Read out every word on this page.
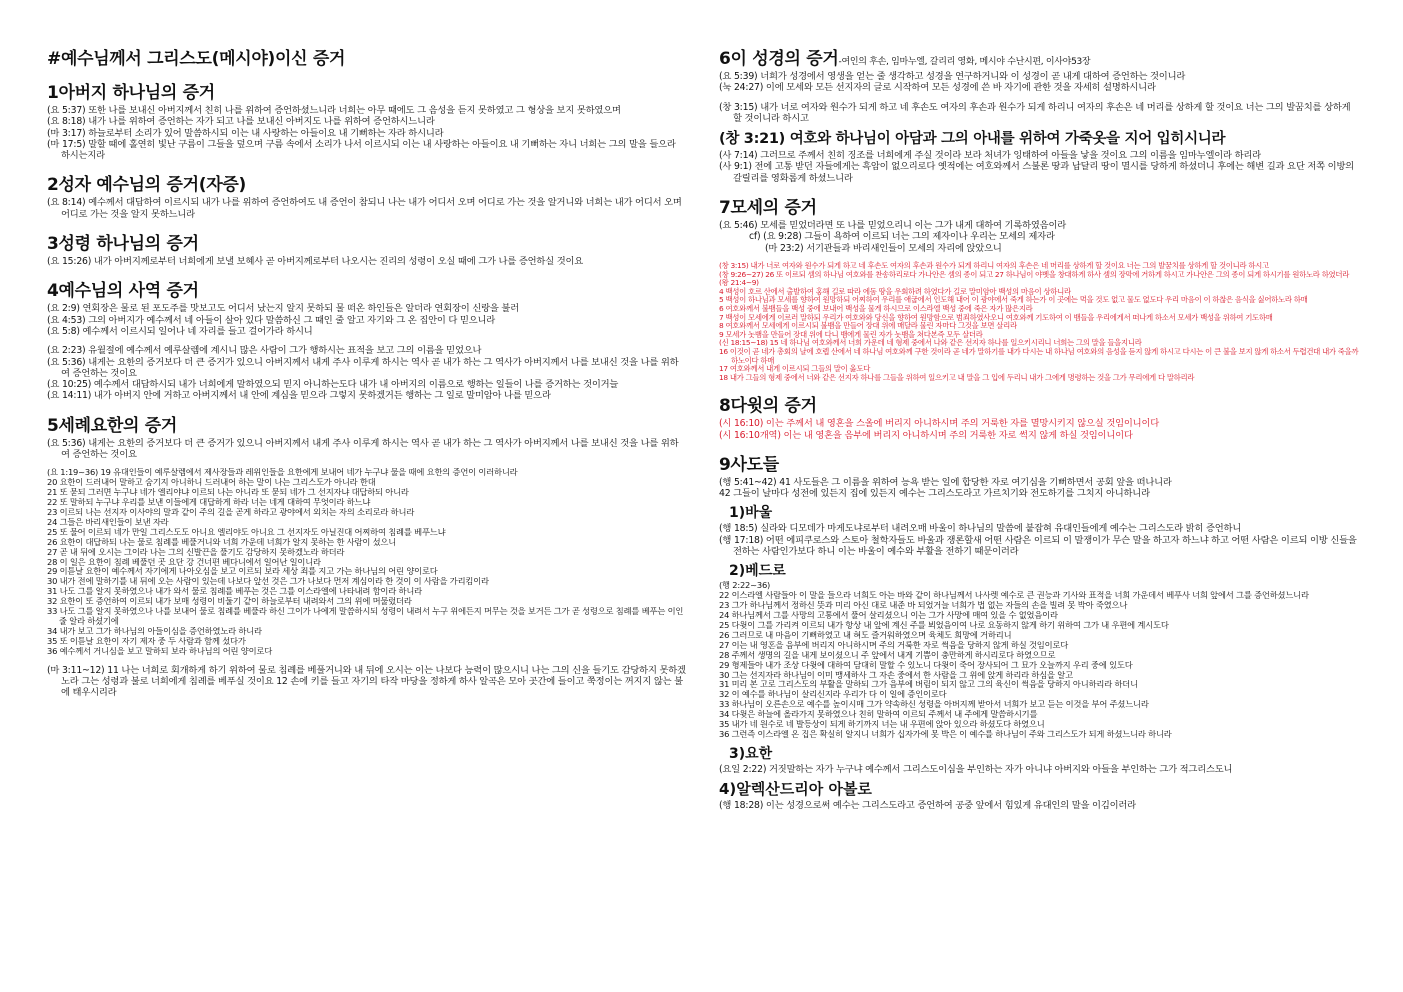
#예수님께서 그리스도(메시야)이신 증거
1아버지 하나님의 증거

(요 5:37) 또한 나를 보내신 아버지께서 친히 나를 위하여 증언하셨느니라 너희는 아무 때에도 그 음성을 듣지 못하였고 그 형상을 보지 못하였으며

(요 8:18) 내가 나를 위하여 증언하는 자가 되고 나를 보내신 아버지도 나를 위하여 증언하시느니라

(마 3:17) 하늘로부터 소리가 있어 말씀하시되 이는 내 사랑하는 아들이요 내 기뻐하는 자라 하시니라

(마 17:5) 말할 때에 홀연히 빛난 구름이 그들을 덮으며 구름 속에서 소리가 나서 이르시되 이는 내 사랑하는 아들이요 내 기뻐하는 자니 너희는 그의 말을 들으라 하시는지라

2성자 예수님의 증거(자증)

(요 8:14) 예수께서 대답하여 이르시되 내가 나를 위하여 증언하여도 내 증언이 참되니 나는 내가 어디서 오며 어디로 가는 것을 알거니와 너희는 내가 어디서 오며 어디로 가는 것을 알지 못하느니라

3성령 하나님의 증거

(요 15:26) 내가 아버지께로부터 너희에게 보낼 보혜사 곧 아버지께로부터 나오시는 진리의 성령이 오실 때에 그가 나를 증언하실 것이요

4예수님의 사역 증거

(요 2:9) 연회장은 물로 된 포도주를 맛보고도 어디서 났는지 알지 못하되 물 떠온 하인들은 알더라 연회장이 신랑을 불러

(요 4:53) 그의 아버지가 예수께서 네 아들이 살아 있다 말씀하신 그 때인 줄 알고 자기와 그 온 집안이 다 믿으니라

(요 5:8) 예수께서 이르시되 일어나 네 자리를 들고 걸어가라 하시니

(요 2:23) 유월절에 예수께서 예루살렘에 계시니 많은 사람이 그가 행하시는 표적을 보고 그의 이름을 믿었으나

(요 5:36) 내게는 요한의 증거보다 더 큰 증거가 있으니 아버지께서 내게 주사 이루게 하시는 역사 곧 내가 하는 그 역사가 아버지께서 나를 보내신 것을 나를 위하여 증언하는 것이요

(요 10:25) 예수께서 대답하시되 내가 너희에게 말하였으되 믿지 아니하는도다 내가 내 아버지의 이름으로 행하는 일들이 나를 증거하는 것이거늘

(요 14:11) 내가 아버지 안에 거하고 아버지께서 내 안에 계심을 믿으라 그렇지 못하겠거든 행하는 그 일로 말미암아 나를 믿으라

5세례요한의 증거

(요 5:36) 내게는 요한의 증거보다 더 큰 증거가 있으니 아버지께서 내게 주사 이루게 하시는 역사 곧 내가 하는 그 역사가 아버지께서 나를 보내신 것을 나를 위하여 증언하는 것이요

(요 1:19~36) 19 유대인들이 예루살렘에서 제사장들과 레위인들을 요한에게 보내어 네가 누구냐 물을 때에 요한의 증언이 이러하니라

20 요한이 드러내어 말하고 숨기지 아니하니 드러내어 하는 말이 나는 그리스도가 아니라 한대

21 또 묻되 그러면 누구냐 네가 엘리야냐 이르되 나는 아니라 또 묻되 네가 그 선지자냐 대답하되 아니라

22 또 말하되 누구냐 우리를 보낸 이들에게 대답하게 하라 너는 네게 대하여 무엇이라 하느냐

23 이르되 나는 선지자 이사야의 말과 같이 주의 길을 곧게 하라고 광야에서 외치는 자의 소리로라 하니라

24 그들은 바리새인들이 보낸 자라

25 또 물어 이르되 네가 만일 그리스도도 아니요 엘리야도 아니요 그 선지자도 아닐진대 어찌하여 침례를 베푸느냐

26 요한이 대답하되 나는 물로 침례를 베풀거니와 너희 가운데 너희가 알지 못하는 한 사람이 섰으니

27 곧 내 뒤에 오시는 그이라 나는 그의 신발끈을 풀기도 감당하지 못하겠노라 하더라

28 이 일은 요한이 침례 베풀던 곳 요단 강 건너편 베다니에서 일어난 일이니라

29 이튿날 요한이 예수께서 자기에게 나아오심을 보고 이르되 보라 세상 죄를 지고 가는 하나님의 어린 양이로다

30 내가 전에 말하기를 내 뒤에 오는 사람이 있는데 나보다 앞선 것은 그가 나보다 먼저 계심이라 한 것이 이 사람을 가리킴이라

31 나도 그를 알지 못하였으나 내가 와서 물로 침례를 베푸는 것은 그를 이스라엘에 나타내려 함이라 하니라

32 요한이 또 증언하여 이르되 내가 보매 성령이 비둘기 같이 하늘로부터 내려와서 그의 위에 머물렀더라

33 나도 그를 알지 못하였으나 나를 보내어 물로 침례를 베풀라 하신 그이가 나에게 말씀하시되 성령이 내려서 누구 위에든지 머무는 것을 보거든 그가 곧 성령으로 침례를 베푸는 이인 줄 알라 하셨기에

34 내가 보고 그가 하나님의 아들이심을 증언하였노라 하니라

35 또 이튿날 요한이 자기 제자 중 두 사람과 함께 섰다가

36 예수께서 거니심을 보고 말하되 보라 하나님의 어린 양이로다

(마 3:11~12) 11 나는 너희로 회개하게 하기 위하여 물로 침례를 베풀거니와 내 뒤에 오시는 이는 나보다 능력이 많으시니 나는 그의 신을 들기도 감당하지 못하겠노라 그는 성령과 불로 너희에게 침례를 베푸실 것이요 12 손에 키를 들고 자기의 타작 마당을 정하게 하사 알곡은 모아 곳간에 들이고 쭉정이는 꺼지지 않는 불에 태우시리라

6이 성경의 증거-여인의 후손, 임마누엘, 갈리리 영화, 메시야 수난시편, 이사야53장

(요 5:39) 너희가 성경에서 영생을 얻는 줄 생각하고 성경을 연구하거니와 이 성경이 곧 내게 대하여 증언하는 것이니라

(눅 24:27) 이에 모세와 모든 선지자의 글로 시작하여 모든 성경에 쓴 바 자기에 관한 것을 자세히 설명하시니라

(창 3:15) 내가 너로 여자와 원수가 되게 하고 네 후손도 여자의 후손과 원수가 되게 하리니 여자의 후손은 네 머리를 상하게 할 것이요 너는 그의 발꿈치를 상하게 할 것이니라 하시고

(창 3:21) 여호와 하나님이 아담과 그의 아내를 위하여 가죽옷을 지어 입히시니라

(사 7:14) 그러므로 주께서 친히 징조를 너희에게 주실 것이라 보라 처녀가 잉태하여 아들을 낳을 것이요 그의 이름을 임마누엘이라 하리라

(사 9:1) 전에 고통 받던 자들에게는 흑암이 없으리로다 옛적에는 여호와께서 스불론 땅과 납달리 땅이 멸시를 당하게 하셨더니 후에는 해변 길과 요단 저쪽 이방의 갈릴리를 영화롭게 하셨느니라

7모세의 증거

(요 5:46) 모세를 믿었더라면 또 나를 믿었으리니 이는 그가 내게 대하여 기록하였음이라

cf) (요 9:28) 그들이 욕하여 이르되 너는 그의 제자이나 우리는 모세의 제자라

(마 23:2) 서기관들과 바리새인들이 모세의 자리에 앉았으니

(창 3:15) 내가 너로 여자와 원수가 되게 하고 네 후손도 여자의 후손과 원수가 되게 하리니 여자의 후손은 네 머리를 상하게 할 것이요 너는 그의 발꿈치를 상하게 할 것이니라 하시고

(창 9:26~27) 26 또 이르되 셈의 하나님 여호와를 찬송하리로다 가나안은 셈의 종이 되고 27 하나님이 야벳을 창대하게 하사 셈의 장막에 거하게 하시고 가나안은 그의 종이 되게 하시기를 원하노라 하였더라

(왕 21:4~9)

4 백성이 호르 산에서 출발하여 홍해 길로 따라 에돔 땅을 우회하려 하였다가 길로 말미암아 백성의 마음이 상하니라

5 백성이 하나님과 모세를 향하여 원망하되 어찌하여 우리를 애굽에서 인도해 내어 이 광야에서 죽게 하는가 이 곳에는 먹을 것도 없고 물도 없도다 우리 마음이 이 하찮은 음식을 싫어하노라 하매

6 여호와께서 불뱀들을 백성 중에 보내어 백성을 물게 하시므로 이스라엘 백성 중에 죽은 자가 많은지라

7 백성이 모세에게 이르러 말하되 우리가 여호와와 당신을 향하여 원망함으로 범죄하였사오니 여호와께 기도하여 이 뱀들을 우리에게서 떠나게 하소서 모세가 백성을 위하여 기도하매

8 여호와께서 모세에게 이르시되 불뱀을 만들어 장대 위에 매달라 물린 자마다 그것을 보면 살리라

9 모세가 놋뱀을 만들어 장대 위에 다니 뱀에게 물린 자가 놋뱀을 쳐다본즉 모두 살더라

(신 18:15~18) 15 네 하나님 여호와께서 너희 가운데 네 형제 중에서 나와 같은 선지자 하나를 일으키시리니 너희는 그의 말을 들을지니라

16 이것이 곧 네가 총회의 날에 호렙 산에서 네 하나님 여호와께 구한 것이라 곧 네가 말하기를 내가 다시는 내 하나님 여호와의 음성을 듣지 않게 하시고 다시는 이 큰 불을 보지 않게 하소서 두렵건대 내가 죽을까 하노이다 하매

17 여호와께서 내게 이르시되 그들의 말이 옳도다

18 내가 그들의 형제 중에서 너와 같은 선지자 하나를 그들을 위하여 일으키고 내 말을 그 입에 두리니 내가 그에게 명령하는 것을 그가 무리에게 다 말하리라

8다윗의 증거

(시 16:10) 이는 주께서 내 영혼을 스올에 버리지 아니하시며 주의 거룩한 자를 멸망시키지 않으실 것임이니이다

(시 16:10개역) 이는 내 영혼을 음부에 버리지 아니하시며 주의 거룩한 자로 썩지 않게 하실 것임이니이다

9사도들

(행 5:41~42) 41 사도들은 그 이름을 위하여 능욕 받는 일에 합당한 자로 여기심을 기뻐하면서 공회 앞을 떠나니라

42 그들이 날마다 성전에 있든지 집에 있든지 예수는 그리스도라고 가르치기와 전도하기를 그치지 아니하니라

1)바울

(행 18:5) 실라와 디모데가 마게도냐로부터 내려오매 바울이 하나님의 말씀에 붙잡혀 유대인들에게 예수는 그리스도라 밝히 증언하니

(행 17:18) 어떤 에피쿠로스와 스토아 철학자들도 바울과 쟁론할새 어떤 사람은 이르되 이 말쟁이가 무슨 말을 하고자 하느냐 하고 어떤 사람은 이르되 이방 신들을 전하는 사람인가보다 하니 이는 바울이 예수와 부활을 전하기 때문이러라

2)베드로

(행 2:22~36)

22 이스라엘 사람들아 이 말을 들으라 너희도 아는 바와 같이 하나님께서 나사렛 예수로 큰 권능과 기사와 표적을 너희 가운데서 베푸사 너희 앞에서 그를 증언하셨느니라

23 그가 하나님께서 정하신 뜻과 미리 아신 대로 내준 바 되었거늘 너희가 법 없는 자들의 손을 빌려 못 박아 죽였으나

24 하나님께서 그를 사망의 고통에서 풀어 살리셨으니 이는 그가 사망에 매여 있을 수 없었음이라

25 다윗이 그를 가리켜 이르되 내가 항상 내 앞에 계신 주를 뵈었음이여 나로 요동하지 않게 하기 위하여 그가 내 우편에 계시도다

26 그러므로 내 마음이 기뻐하였고 내 혀도 즐거워하였으며 육체도 희망에 거하리니

27 이는 내 영혼을 음부에 버리지 아니하시며 주의 거룩한 자로 썩음을 당하지 않게 하실 것임이로다

28 주께서 생명의 길을 내게 보이셨으니 주 앞에서 내게 기쁨이 충만하게 하시리로다 하였으므로

29 형제들아 내가 조상 다윗에 대하여 담대히 말할 수 있노니 다윗이 죽어 장사되어 그 묘가 오늘까지 우리 중에 있도다

30 그는 선지자라 하나님이 이미 맹세하사 그 자손 중에서 한 사람을 그 위에 앉게 하리라 하심을 알고

31 미리 본 고로 그리스도의 부활을 말하되 그가 음부에 버림이 되지 않고 그의 육신이 썩음을 당하지 아니하리라 하더니

32 이 예수를 하나님이 살리신지라 우리가 다 이 일에 증인이로다

33 하나님이 오른손으로 예수를 높이시매 그가 약속하신 성령을 아버지께 받아서 너희가 보고 듣는 이것을 부어 주셨느니라

34 다윗은 하늘에 올라가지 못하였으나 친히 말하여 이르되 주께서 내 주에게 말씀하시기를

35 내가 네 원수로 네 발등상이 되게 하기까지 너는 내 우편에 앉아 있으라 하셨도다 하였으니

36 그런즉 이스라엘 온 집은 확실히 알지니 너희가 십자가에 못 박은 이 예수를 하나님이 주와 그리스도가 되게 하셨느니라 하니라

3)요한

(요일 2:22) 거짓말하는 자가 누구냐 예수께서 그리스도이심을 부인하는 자가 아니냐 아버지와 아들을 부인하는 그가 적그리스도니

4)알렉산드리아 아볼로

(행 18:28) 이는 성경으로써 예수는 그리스도라고 증언하여 공중 앞에서 힘있게 유대인의 말을 이김이러라
